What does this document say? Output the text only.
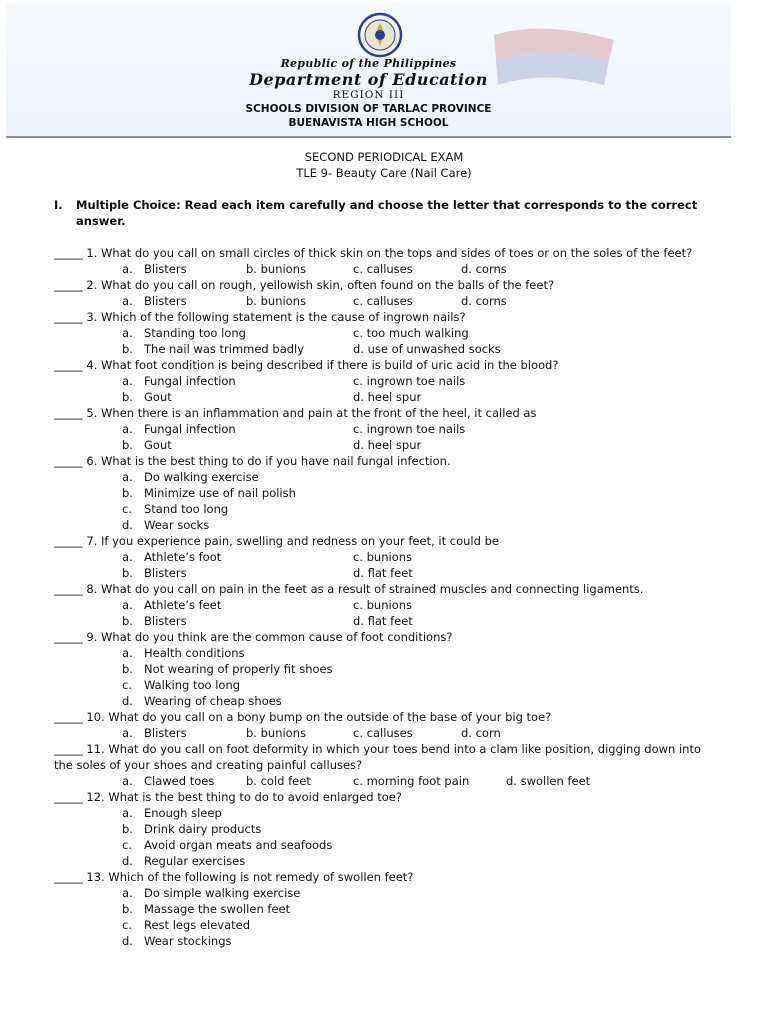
Republic of the Philippines

Department of Education

REGION III

SCHOOLS DIVISION OF TARLAC PROVINCE

BUENAVISTA HIGH SCHOOL

SECOND PERIODICAL EXAM

TLE 9- Beauty Care (Nail Care)

I. Multiple Choice: Read each item carefully and choose the letter that corresponds to the correct answer.

_____ 1. What do you call on small circles of thick skin on the tops and sides of toes or on the soles of the feet?

a. Blisters	b. bunions	c. calluses	d. corns

_____ 2. What do you call on rough, yellowish skin, often found on the balls of the feet?

a. Blisters	b. bunions	c. calluses	d. corns

_____ 3. Which of the following statement is the cause of ingrown nails?

a. Standing too long	c. too much walking
b. The nail was trimmed badly	d. use of unwashed socks

_____ 4. What foot condition is being described if there is build of uric acid in the blood?

a. Fungal infection	c. ingrown toe nails
b. Gout	d. heel spur

_____ 5. When there is an inflammation and pain at the front of the heel, it called as

a. Fungal infection	c. ingrown toe nails
b. Gout	d. heel spur

_____ 6. What is the best thing to do if you have nail fungal infection.

a. Do walking exercise
b. Minimize use of nail polish
c. Stand too long
d. Wear socks

_____ 7. If you experience pain, swelling and redness on your feet, it could be

a. Athlete’s foot	c. bunions
b. Blisters	d. flat feet

_____ 8. What do you call on pain in the feet as a result of strained muscles and connecting ligaments.

a. Athlete’s feet	c. bunions
b. Blisters	d. flat feet

_____ 9. What do you think are the common cause of foot conditions?

a. Health conditions
b. Not wearing of properly fit shoes
c. Walking too long
d. Wearing of cheap shoes

_____ 10. What do you call on a bony bump on the outside of the base of your big toe?

a. Blisters	b. bunions	c. calluses	d. corn

_____ 11. What do you call on foot deformity in which your toes bend into a clam like position, digging down into the soles of your shoes and creating painful calluses?

a. Clawed toes	b. cold feet	c. morning foot pain	d. swollen feet

_____ 12. What is the best thing to do to avoid enlarged toe?

a. Enough sleep
b. Drink dairy products
c. Avoid organ meats and seafoods
d. Regular exercises

_____ 13. Which of the following is not remedy of swollen feet?

a. Do simple walking exercise
b. Massage the swollen feet
c. Rest legs elevated
d. Wear stockings
